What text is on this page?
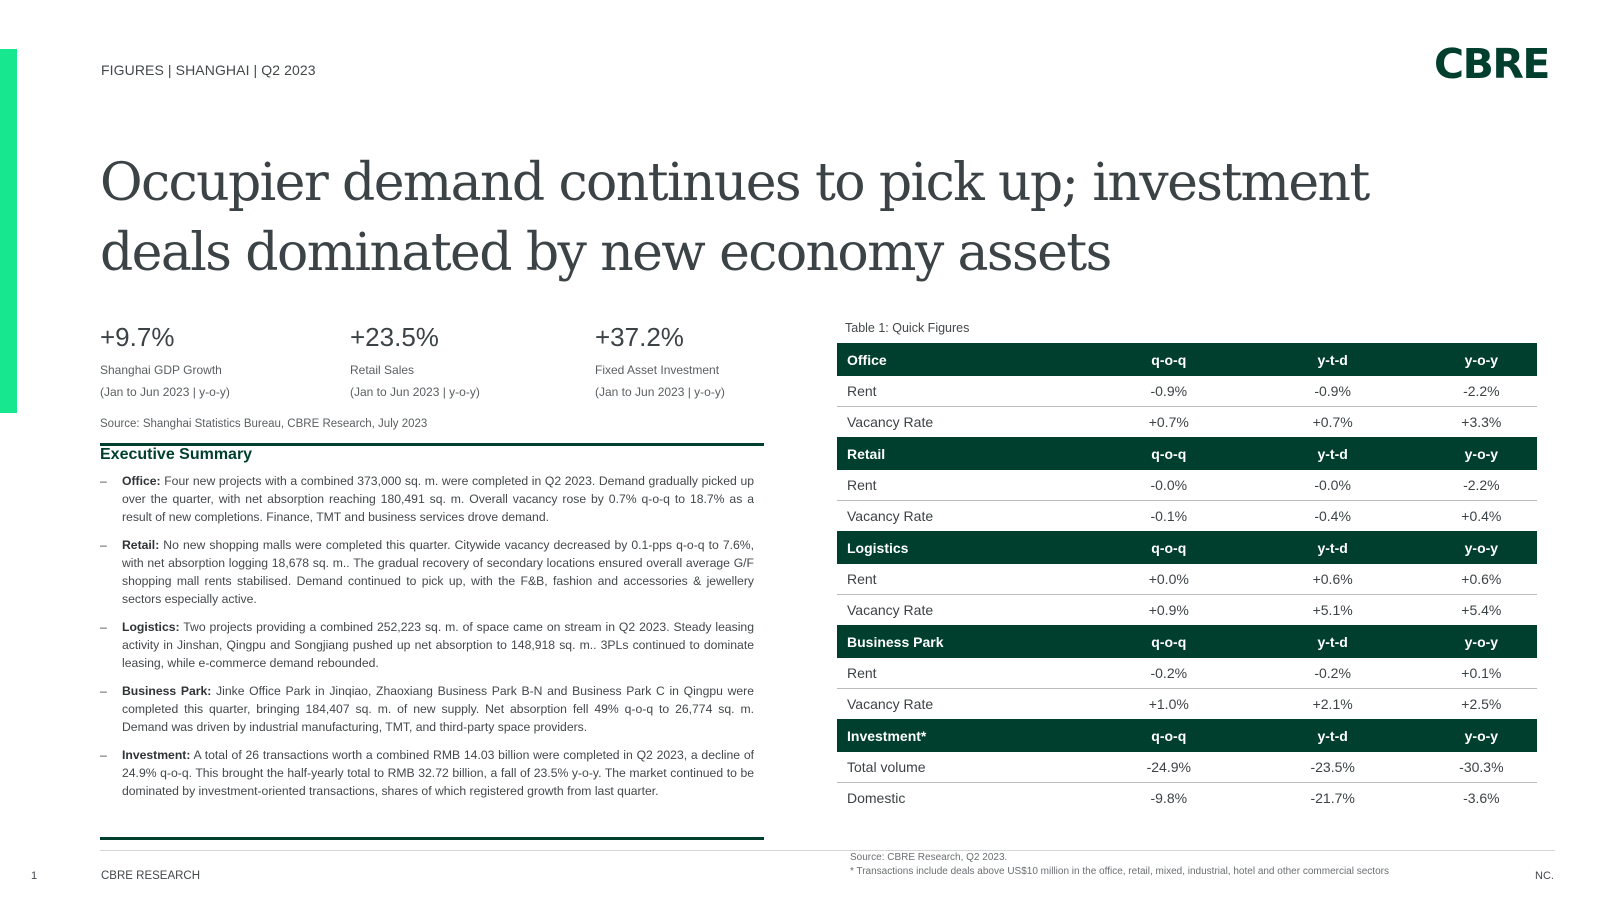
FIGURES | SHANGHAI | Q2 2023	CBRE
Occupier demand continues to pick up; investment
deals dominated by new economy assets
+9.7%
Shanghai GDP Growth
(Jan to Jun 2023 | y-o-y)
+23.5%
Retail Sales
(Jan to Jun 2023 | y-o-y)
+37.2%
Fixed Asset Investment
(Jan to Jun 2023 | y-o-y)
Source: Shanghai Statistics Bureau, CBRE Research, July 2023
Executive Summary
– Office: Four new projects with a combined 373,000 sq. m. were completed in Q2 2023. Demand gradually picked up over the quarter, with net absorption reaching 180,491 sq. m. Overall vacancy rose by 0.7% q-o-q to 18.7% as a result of new completions. Finance, TMT and business services drove demand.
– Retail: No new shopping malls were completed this quarter. Citywide vacancy decreased by 0.1-pps q-o-q to 7.6%, with net absorption logging 18,678 sq. m.. The gradual recovery of secondary locations ensured overall average G/F shopping mall rents stabilised. Demand continued to pick up, with the F&B, fashion and accessories & jewellery sectors especially active.
– Logistics: Two projects providing a combined 252,223 sq. m. of space came on stream in Q2 2023. Steady leasing activity in Jinshan, Qingpu and Songjiang pushed up net absorption to 148,918 sq. m.. 3PLs continued to dominate leasing, while e-commerce demand rebounded.
– Business Park: Jinke Office Park in Jinqiao, Zhaoxiang Business Park B-N and Business Park C in Qingpu were completed this quarter, bringing 184,407 sq. m. of new supply. Net absorption fell 49% q-o-q to 26,774 sq. m. Demand was driven by industrial manufacturing, TMT, and third-party space providers.
– Investment: A total of 26 transactions worth a combined RMB 14.03 billion were completed in Q2 2023, a decline of 24.9% q-o-q. This brought the half-yearly total to RMB 32.72 billion, a fall of 23.5% y-o-y. The market continued to be dominated by investment-oriented transactions, shares of which registered growth from last quarter.
Table 1: Quick Figures
Office	q-o-q	y-t-d	y-o-y
Rent	-0.9%	-0.9%	-2.2%
Vacancy Rate	+0.7%	+0.7%	+3.3%
Retail	q-o-q	y-t-d	y-o-y
Rent	-0.0%	-0.0%	-2.2%
Vacancy Rate	-0.1%	-0.4%	+0.4%
Logistics	q-o-q	y-t-d	y-o-y
Rent	+0.0%	+0.6%	+0.6%
Vacancy Rate	+0.9%	+5.1%	+5.4%
Business Park	q-o-q	y-t-d	y-o-y
Rent	-0.2%	-0.2%	+0.1%
Vacancy Rate	+1.0%	+2.1%	+2.5%
Investment*	q-o-q	y-t-d	y-o-y
Total volume	-24.9%	-23.5%	-30.3%
Domestic	-9.8%	-21.7%	-3.6%
1	CBRE RESEARCH
Source: CBRE Research, Q2 2023.
* Transactions include deals above US$10 million in the office, retail, mixed, industrial, hotel and other commercial sectors	NC.
